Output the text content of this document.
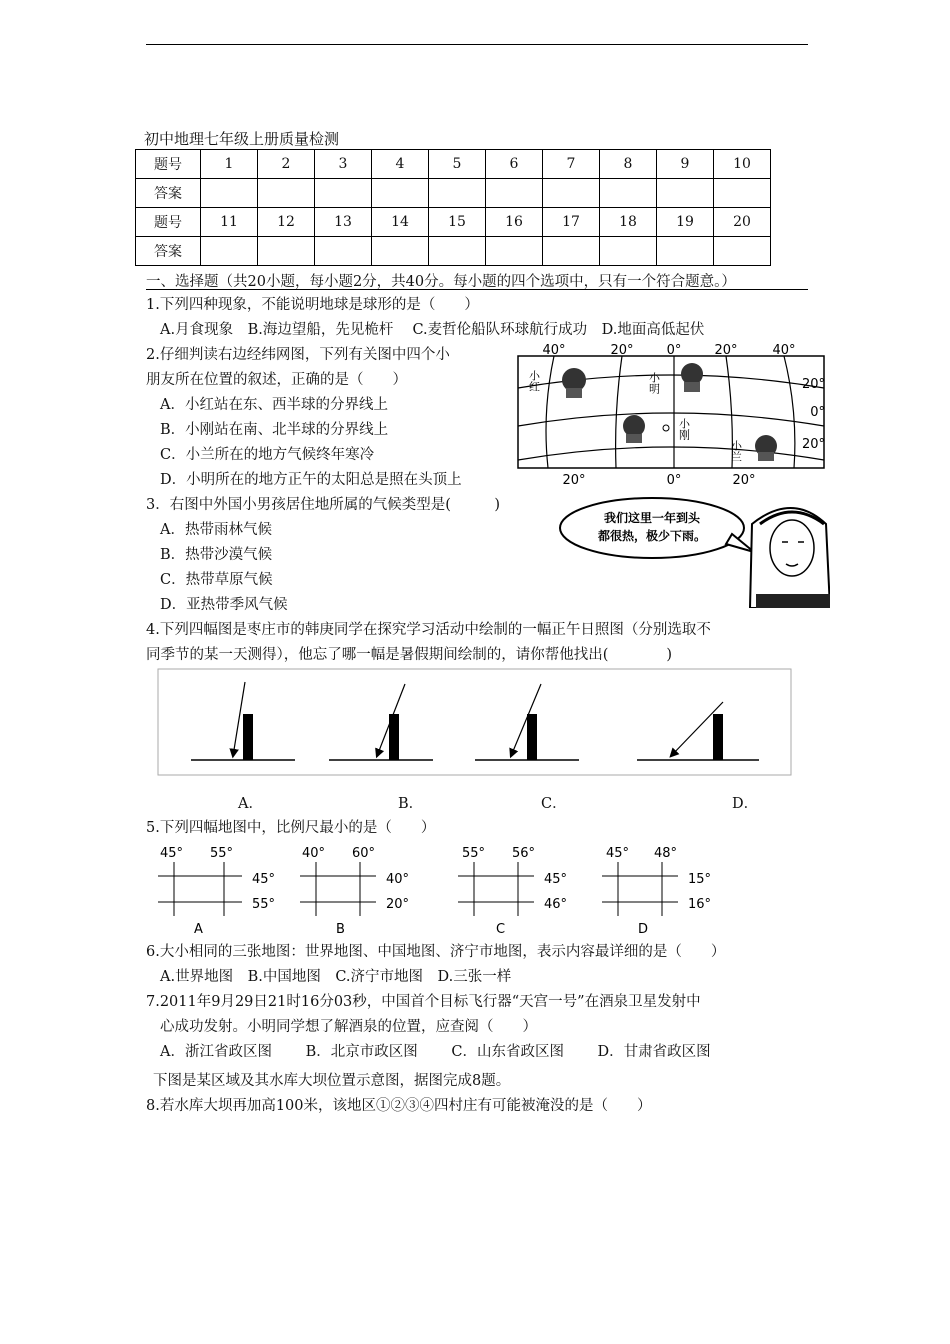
初中地理七年级上册质量检测
题号	1	2	3	4	5	6	7	8	9	10
答案										
题号	11	12	13	14	15	16	17	18	19	20
答案										
一、选择题（共20小题，每小题2分，共40分。每小题的四个选项中，只有一个符合题意。）
1.下列四种现象，不能说明地球是球形的是（　　）
A.月食现象　B.海边望船，先见桅杆　 C.麦哲伦船队环球航行成功　D.地面高低起伏
2.仔细判读右边经纬网图，下列有关图中四个小
朋友所在位置的叙述，正确的是（　　）
A．小红站在东、西半球的分界线上
B．小刚站在南、北半球的分界线上
C．小兰所在的地方气候终年寒冷
D．小明所在的地方正午的太阳总是照在头顶上
40°	20°	0°	20°	40°
20°	0°	20°
20°
0°
20°
小红	小明
小刚
小兰
3．右图中外国小男孩居住地所属的气候类型是(　　　)
A．热带雨林气候
B．热带沙漠气候
C．热带草原气候
D．亚热带季风气候
我们这里一年到头
都很热，极少下雨。
4.下列四幅图是枣庄市的韩庚同学在探究学习活动中绘制的一幅正午日照图（分别选取不
同季节的某一天测得），他忘了哪一幅是暑假期间绘制的，请你帮他找出(　　　　)
A．	B．	C．	D．
5.下列四幅地图中，比例尺最小的是（　　）
45° 55°
45°
55°
A
40° 60°
40°
20°
B
55° 56°
45°
46°
C
45° 48°
15°
16°
D
6.大小相同的三张地图：世界地图、中国地图、济宁市地图，表示内容最详细的是（　　）
A.世界地图　B.中国地图　C.济宁市地图　D.三张一样
7.2011年9月29日21时16分03秒，中国首个目标飞行器“天宫一号”在酒泉卫星发射中
心成功发射。小明同学想了解酒泉的位置，应查阅（　　）
A．浙江省政区图　　 B．北京市政区图　　 C．山东省政区图　　 D．甘肃省政区图
下图是某区域及其水库大坝位置示意图，据图完成8题。
8.若水库大坝再加高100米，该地区①②③④四村庄有可能被淹没的是（　　）
